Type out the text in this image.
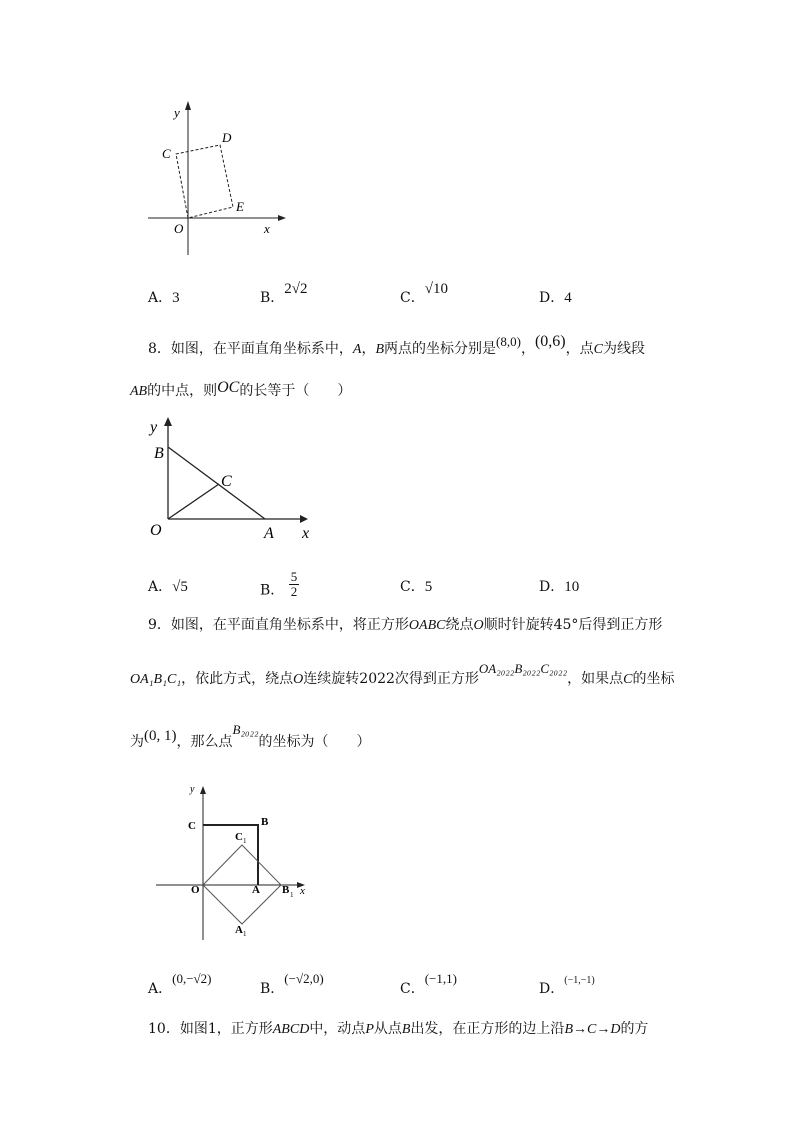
y
C
D
E
O	x
A．3	B．2√2
C．√10
D．4
8．如图，在平面直角坐标系中，A，B两点的坐标分别是(8,0)，(0,6)，点C为线段
AB的中点，则OC的长等于（　　）
y
B
C
O	A x
A．√5	B． $\frac{5}{2}$	C．5	D．10
9．如图，在平面直角坐标系中，将正方形OABC绕点O顺时针旋转45°后得到正方形
OA₁B₁C₁，依此方式，绕点O连续旋转2022次得到正方形OA₂₀₂₂B₂₀₂₂C₂₀₂₂，如果点C的坐标
为(0, 1)，那么点B₂₀₂₂的坐标为（　　）
y
C	B
C 1
O	A B 1 x
A 1
A．(0,−√2)
B．(−√2,0)
C．(−1,1)
D．$^{(-1,-1)}$
10．如图1，正方形ABCD中，动点P从点B出发，在正方形的边上沿B→C→D的方
